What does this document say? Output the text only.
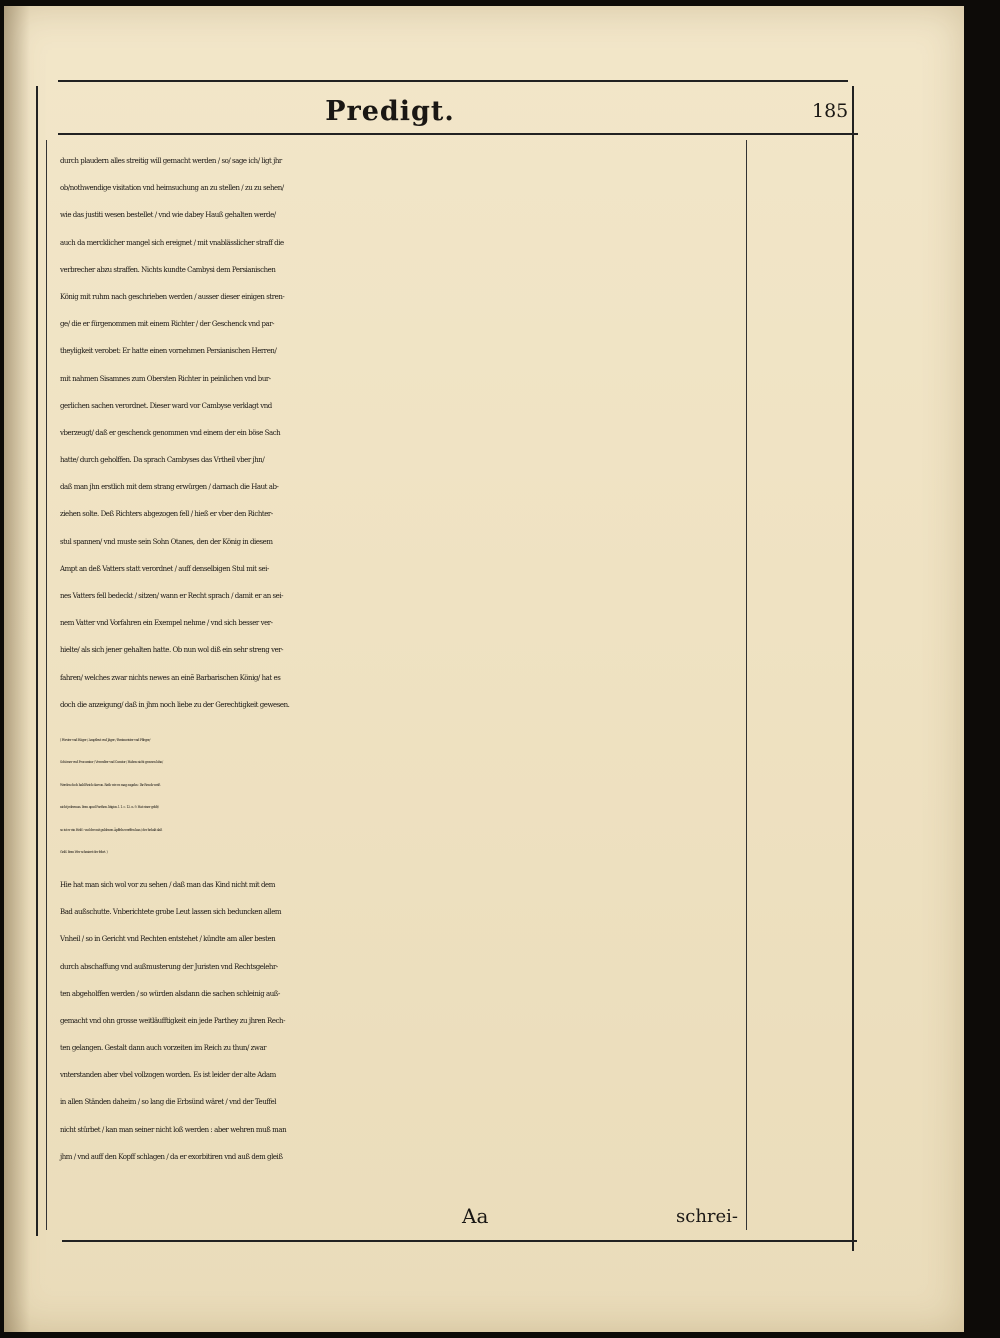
Predigt.	185
durch plaudern alles streitig will gemacht werden / so/ sage ich/ ligt jhr
ob/nothwendige visitation vnd heimsuchung an zu stellen / zu zu sehen/
wie das justiti wesen bestellet / vnd wie dabey Hauß gehalten werde/
auch da mercklicher mangel sich ereignet / mit vnablässlicher straff die
verbrecher abzu straffen. Nichts kundte Cambysi dem Persianischen
König mit ruhm nach geschrieben werden / ausser dieser einigen stren-
ge/ die er fürgenommen mit einem Richter / der Geschenck vnd par-
theyligkeit verobet: Er hatte einen vornehmen Persianischen Herren/
mit nahmen Sisamnes zum Obersten Richter in peinlichen vnd bur-
gerlichen sachen verordnet. Dieser ward vor Cambyse verklagt vnd
vberzeugt/ daß er geschenck genommen vnd einem der ein böse Sach
hatte/ durch geholffen. Da sprach Cambyses das Vrtheil vber jhn/
daß man jhn erstlich mit dem strang erwürgen / darnach die Haut ab-
ziehen solte. Deß Richters abgezogen fell / hieß er vber den Richter-
stul spannen/ vnd muste sein Sohn Otanes, den der König in diesem
Ampt an deß Vatters statt verordnet / auff denselbigen Stul mit sei-
nes Vatters fell bedeckt / sitzen/ wann er Recht sprach / damit er an sei-
nem Vatter vnd Vorfahren ein Exempel nehme / vnd sich besser ver-
hielte/ als sich jener gehalten hatte. Ob nun wol diß ein sehr streng ver-
fahren/ welches zwar nichts newes an einẽ Barbarischen König/ hat es
doch die anzeigung/ daß in jhm noch liebe zu der Gerechtigkeit gewesen.
( Förster vnd Häger / Amptleut vnd Jäger / Rentmeister vnd Pfleger/
Schösser vnd Procurator / Verwalter vnd Curator / Haben nicht grossen lohn/
Werden doch bald Reich darvon. Rath wie es mag zugahn : Ihr Renck weiß
nicht jederman. Item apud Parthen. litigios. l. 1. c. 12. n. 9. Hat einer geldt/
so ist er ein Held : vnd der mit guldenen Äpffeln werffen kan / der behalt daß
Geld. Item Wer schmiert der fehrt. )
Hie hat man sich wol vor zu sehen / daß man das Kind nicht mit dem
Bad außschutte. Vnberichtete grobe Leut lassen sich beduncken allem
Vnheil / so in Gericht vnd Rechten entstehet / kündte am aller besten
durch abschaffung vnd außmusterung der Juristen vnd Rechtsgelehr-
ten abgeholffen werden / so würden alsdann die sachen schleinig auß-
gemacht vnd ohn grosse weitläufftigkeit ein jede Parthey zu jhren Rech-
ten gelangen. Gestalt dann auch vorzeiten im Reich zu thun/ zwar
vnterstanden aber vbel vollzogen worden. Es ist leider der alte Adam
in allen Ständen daheim / so lang die Erbsünd wäret / vnd der Teuffel
nicht stürbet / kan man seiner nicht loß werden : aber wehren muß man
jhm / vnd auff den Kopff schlagen / da er exorbitiren vnd auß dem gleiß
Aa	schrei-
